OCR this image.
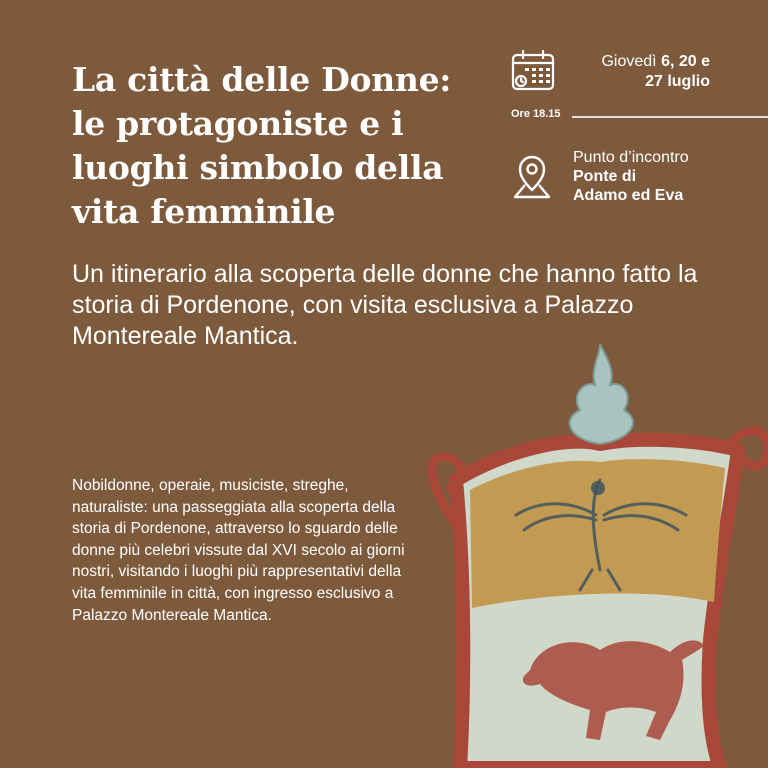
La città delle Donne: le protagoniste e i luoghi simbolo della vita femminile
Giovedì 6, 20 e
27 luglio
Ore 18.15
Punto d’incontro
Ponte di
Adamo ed Eva

Un itinerario alla scoperta delle donne che hanno fatto la storia di Pordenone, con visita esclusiva a Palazzo Montereale Mantica.

Nobildonne, operaie, musiciste, streghe, naturaliste: una passeggiata alla scoperta della storia di Pordenone, attraverso lo sguardo delle donne più celebri vissute dal XVI secolo ai giorni nostri, visitando i luoghi più rappresentativi della vita femminile in città, con ingresso esclusivo a Palazzo Montereale Mantica.
